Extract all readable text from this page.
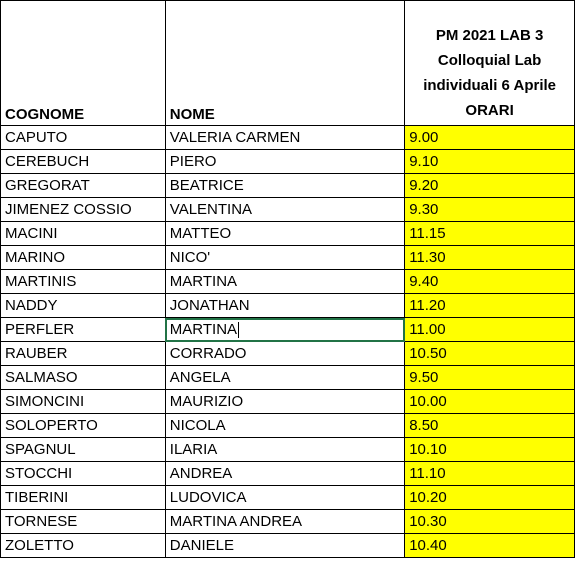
COGNOME	NOME	PM 2021 LAB 3
Colloquial Lab
individuali 6 Aprile
ORARI

CAPUTO	VALERIA CARMEN	9.00
CEREBUCH	PIERO	9.10
GREGORAT	BEATRICE	9.20
JIMENEZ COSSIO	VALENTINA	9.30
MACINI	MATTEO	11.15
MARINO	NICO'	11.30
MARTINIS	MARTINA	9.40
NADDY	JONATHAN	11.20
PERFLER	MARTINA	11.00
RAUBER	CORRADO	10.50
SALMASO	ANGELA	9.50
SIMONCINI	MAURIZIO	10.00
SOLOPERTO	NICOLA	8.50
SPAGNUL	ILARIA	10.10
STOCCHI	ANDREA	11.10
TIBERINI	LUDOVICA	10.20
TORNESE	MARTINA ANDREA	10.30
ZOLETTO	DANIELE	10.40
